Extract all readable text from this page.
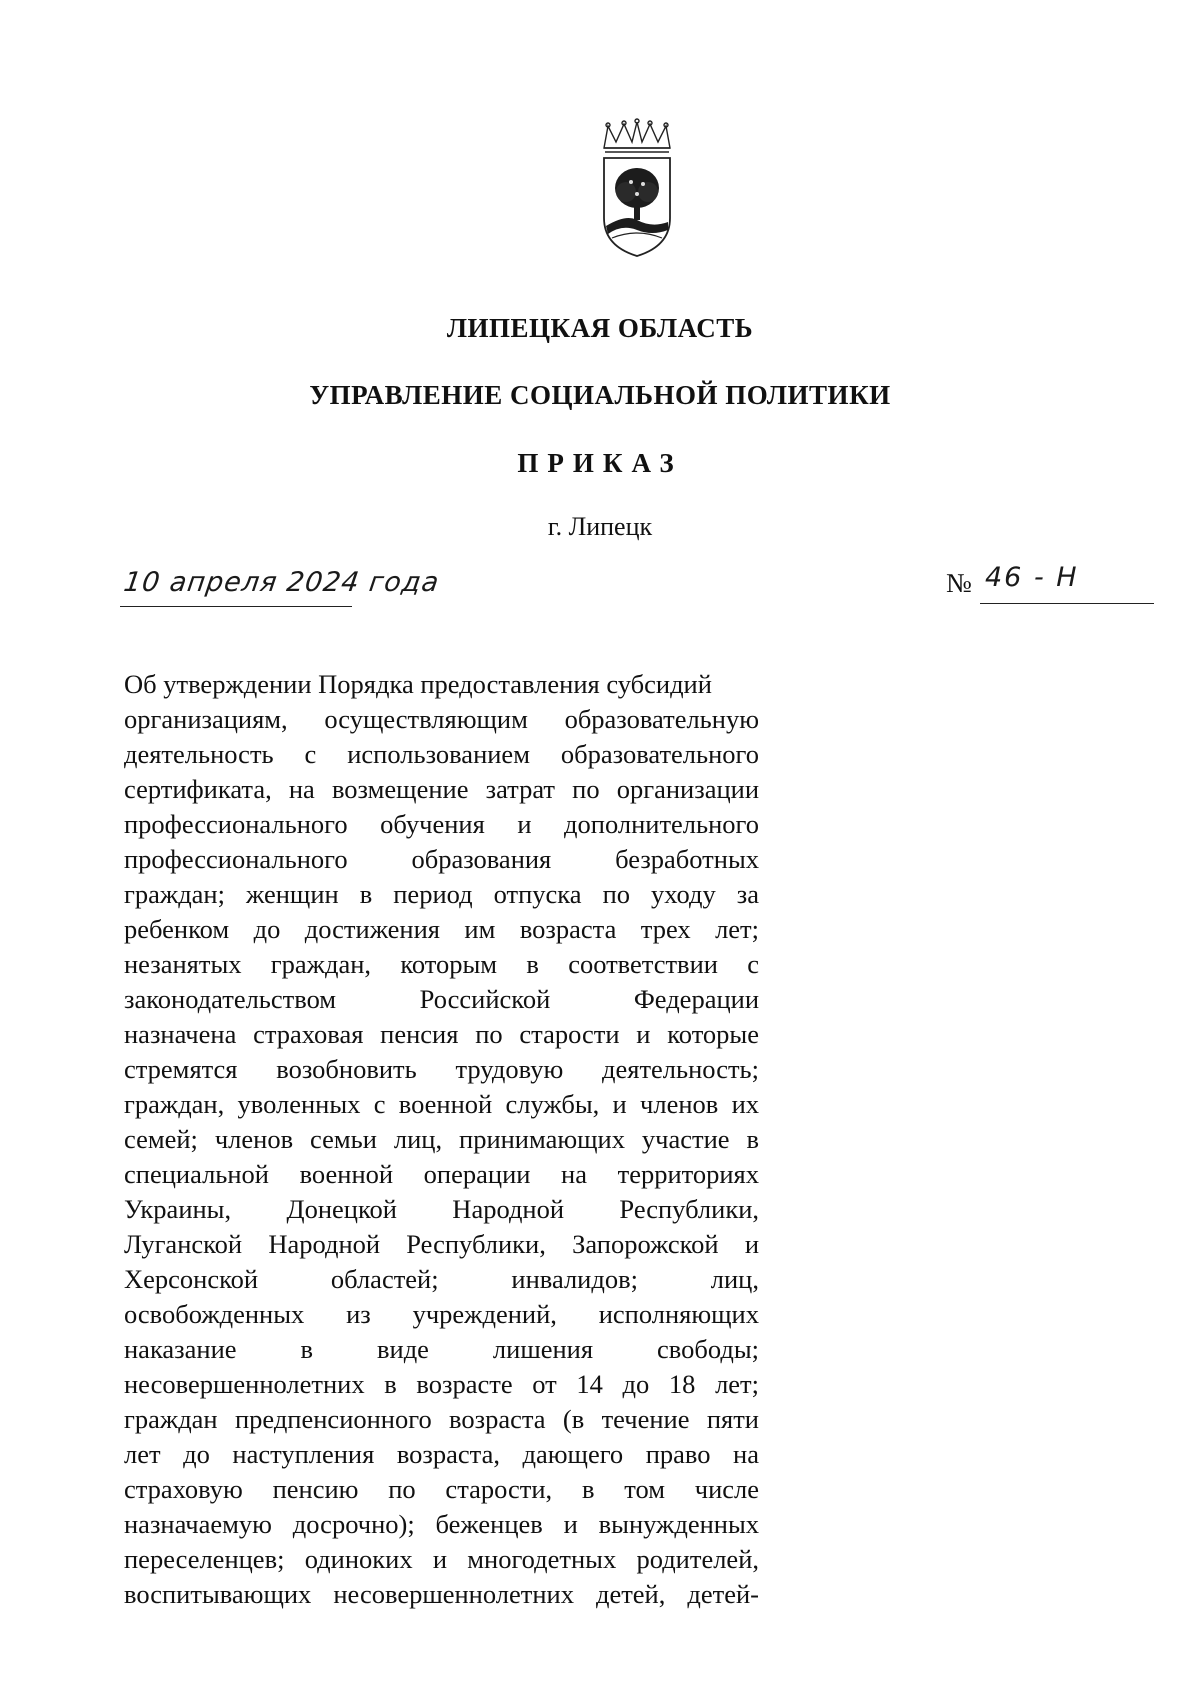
ЛИПЕЦКАЯ ОБЛАСТЬ
УПРАВЛЕНИЕ СОЦИАЛЬНОЙ ПОЛИТИКИ
ПРИКАЗ
г. Липецк
10 апреля 2024 года	№ 46 - Н
Об утверждении Порядка предоставления субсидий
организациям, осуществляющим образовательную
деятельность с использованием образовательного
сертификата, на возмещение затрат по организации
профессионального обучения и дополнительного
профессионального образования безработных
граждан; женщин в период отпуска по уходу за
ребенком до достижения им возраста трех лет;
незанятых граждан, которым в соответствии с
законодательством Российской Федерации
назначена страховая пенсия по старости и которые
стремятся возобновить трудовую деятельность;
граждан, уволенных с военной службы, и членов их
семей; членов семьи лиц, принимающих участие в
специальной военной операции на территориях
Украины, Донецкой Народной Республики,
Луганской Народной Республики, Запорожской и
Херсонской областей; инвалидов; лиц,
освобожденных из учреждений, исполняющих
наказание в виде лишения свободы;
несовершеннолетних в возрасте от 14 до 18 лет;
граждан предпенсионного возраста (в течение пяти
лет до наступления возраста, дающего право на
страховую пенсию по старости, в том числе
назначаемую досрочно); беженцев и вынужденных
переселенцев; одиноких и многодетных родителей,
воспитывающих несовершеннолетних детей, детей-
